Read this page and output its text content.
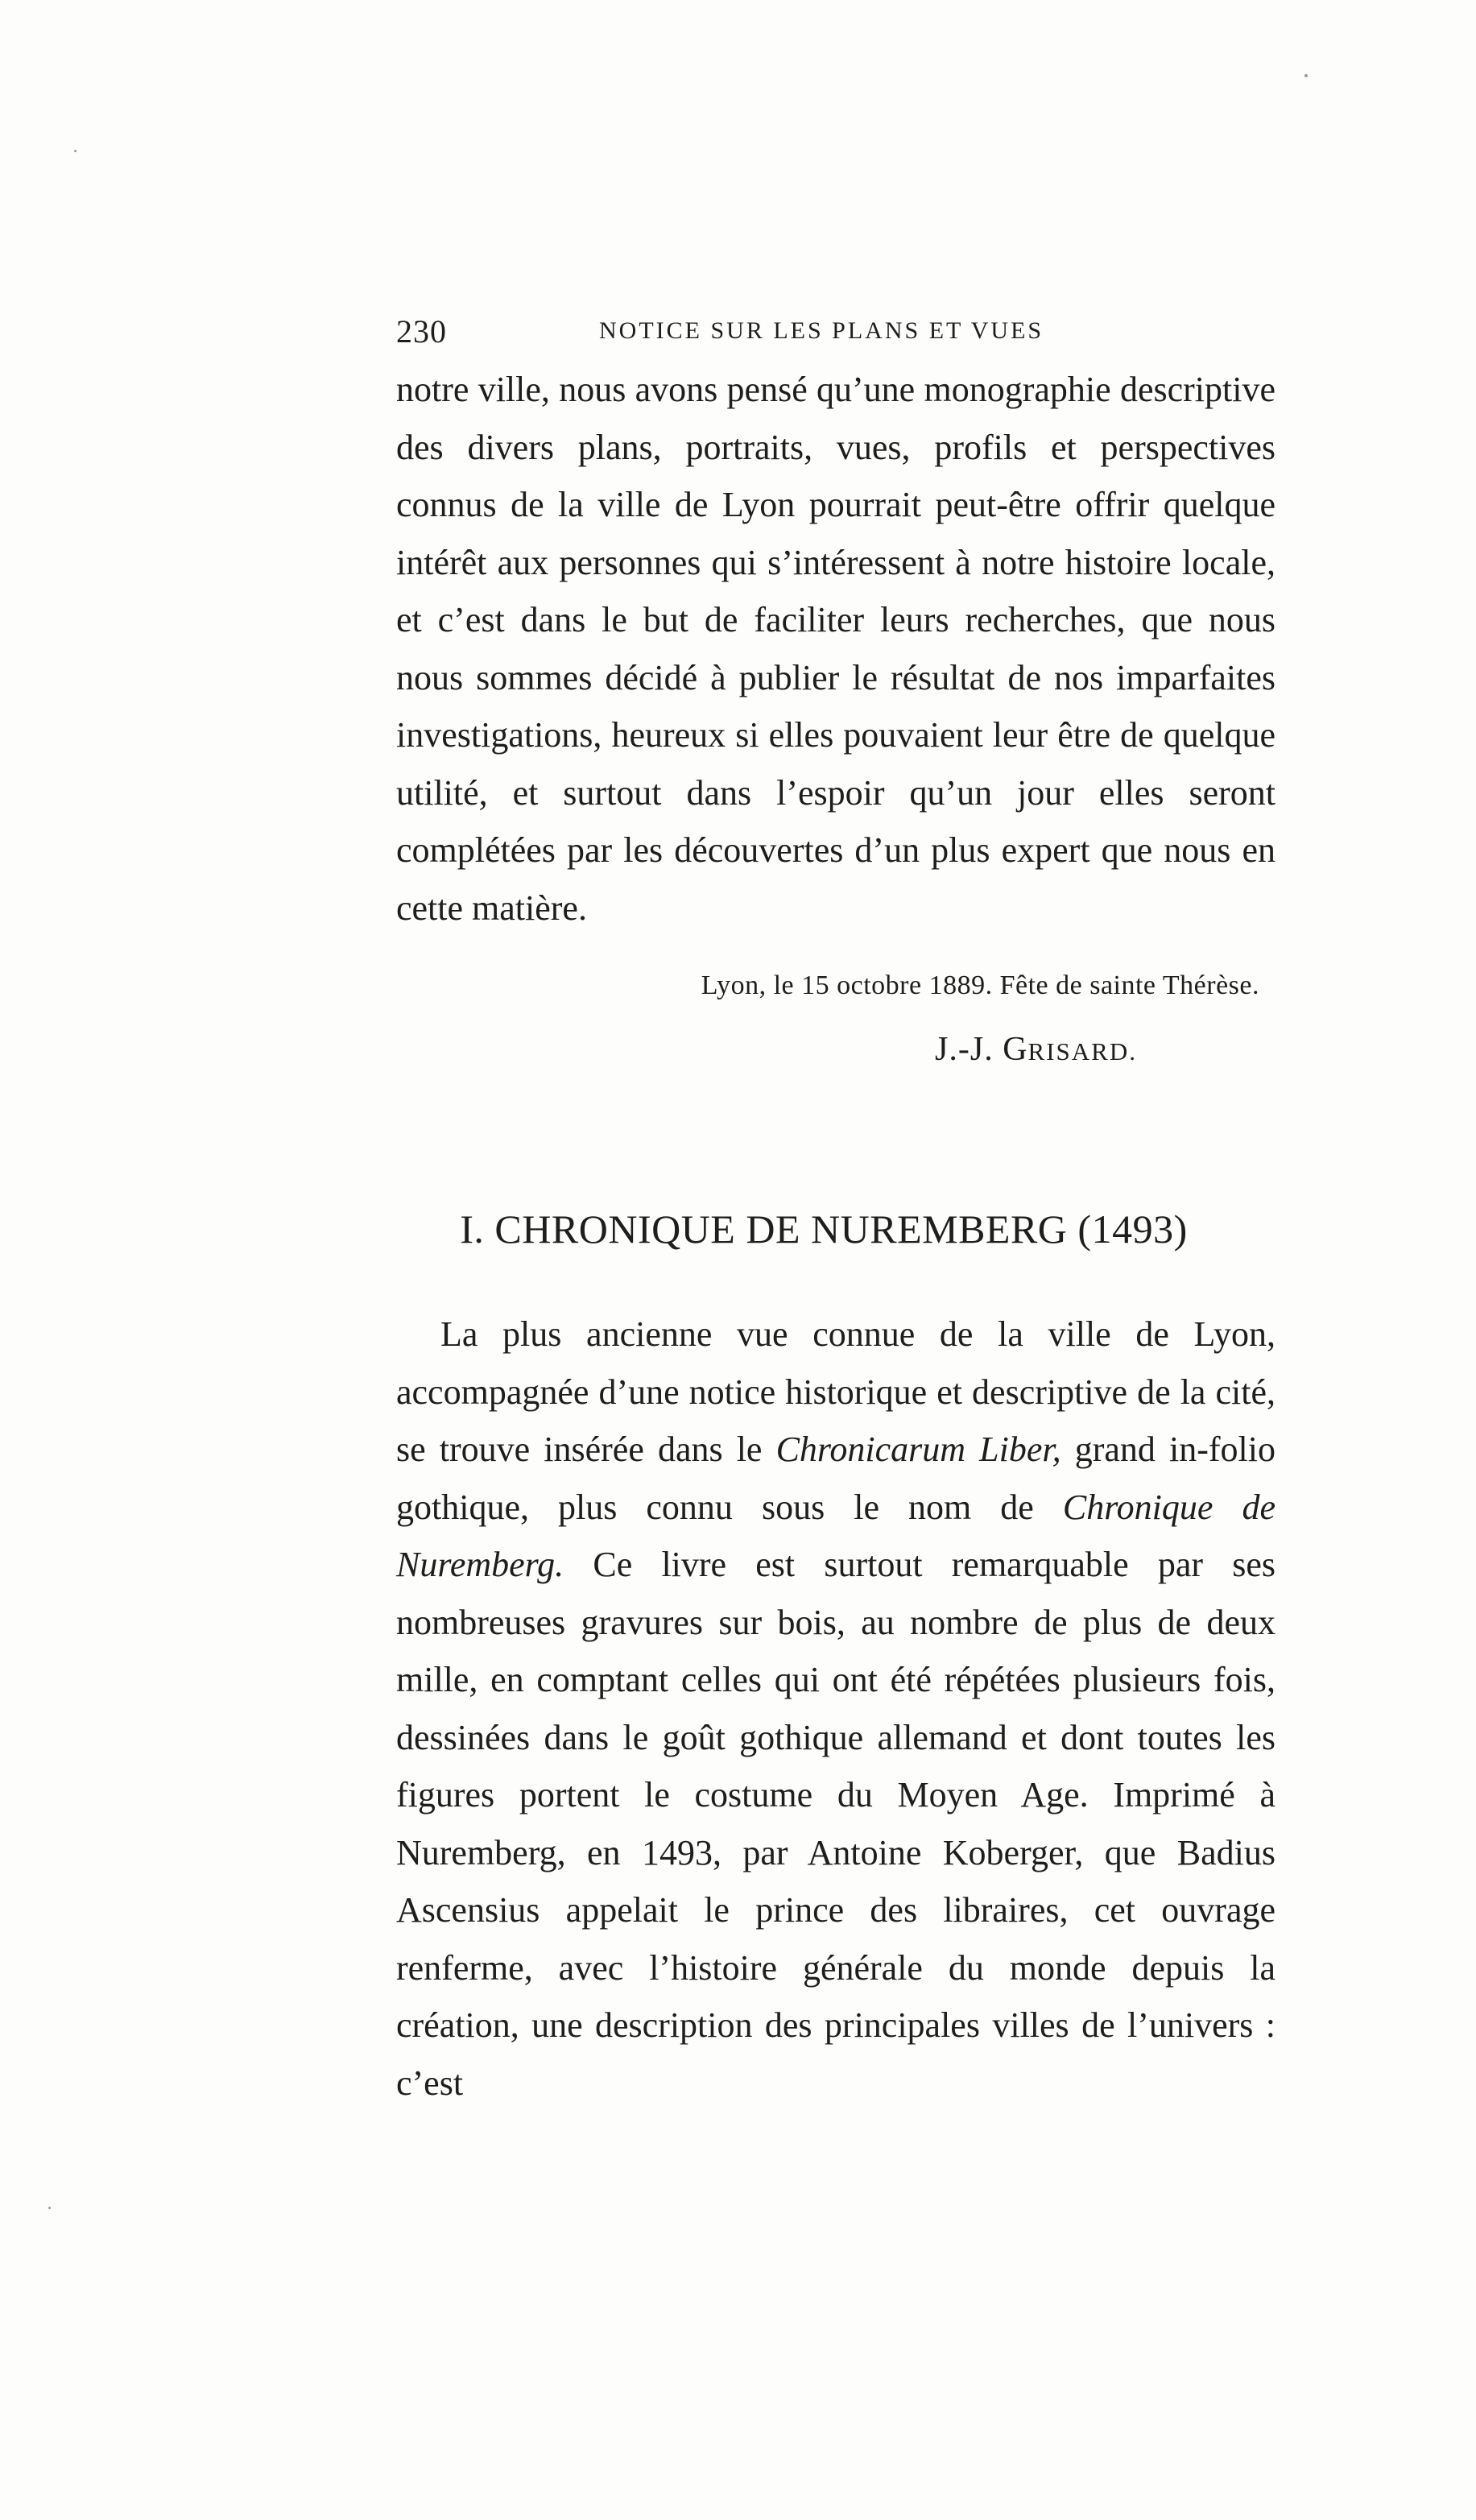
230	NOTICE SUR LES PLANS ET VUES

notre ville, nous avons pensé qu’une monographie descriptive des divers plans, portraits, vues, profils et perspectives connus de la ville de Lyon pourrait peut-être offrir quelque intérêt aux personnes qui s’intéressent à notre histoire locale, et c’est dans le but de faciliter leurs recherches, que nous nous sommes décidé à publier le résultat de nos imparfaites investigations, heureux si elles pouvaient leur être de quelque utilité, et surtout dans l’espoir qu’un jour elles seront complétées par les découvertes d’un plus expert que nous en cette matière.

Lyon, le 15 octobre 1889. Fête de sainte Thérèse.
J.-J. GRISARD.
I. CHRONIQUE DE NUREMBERG (1493)

La plus ancienne vue connue de la ville de Lyon, accompagnée d’une notice historique et descriptive de la cité, se trouve insérée dans le Chronicarum Liber, grand in-folio gothique, plus connu sous le nom de Chronique de Nuremberg. Ce livre est surtout remarquable par ses nombreuses gravures sur bois, au nombre de plus de deux mille, en comptant celles qui ont été répétées plusieurs fois, dessinées dans le goût gothique allemand et dont toutes les figures portent le costume du Moyen Age. Imprimé à Nuremberg, en 1493, par Antoine Koberger, que Badius Ascensius appelait le prince des libraires, cet ouvrage renferme, avec l’histoire générale du monde depuis la création, une description des principales villes de l’univers : c’est
